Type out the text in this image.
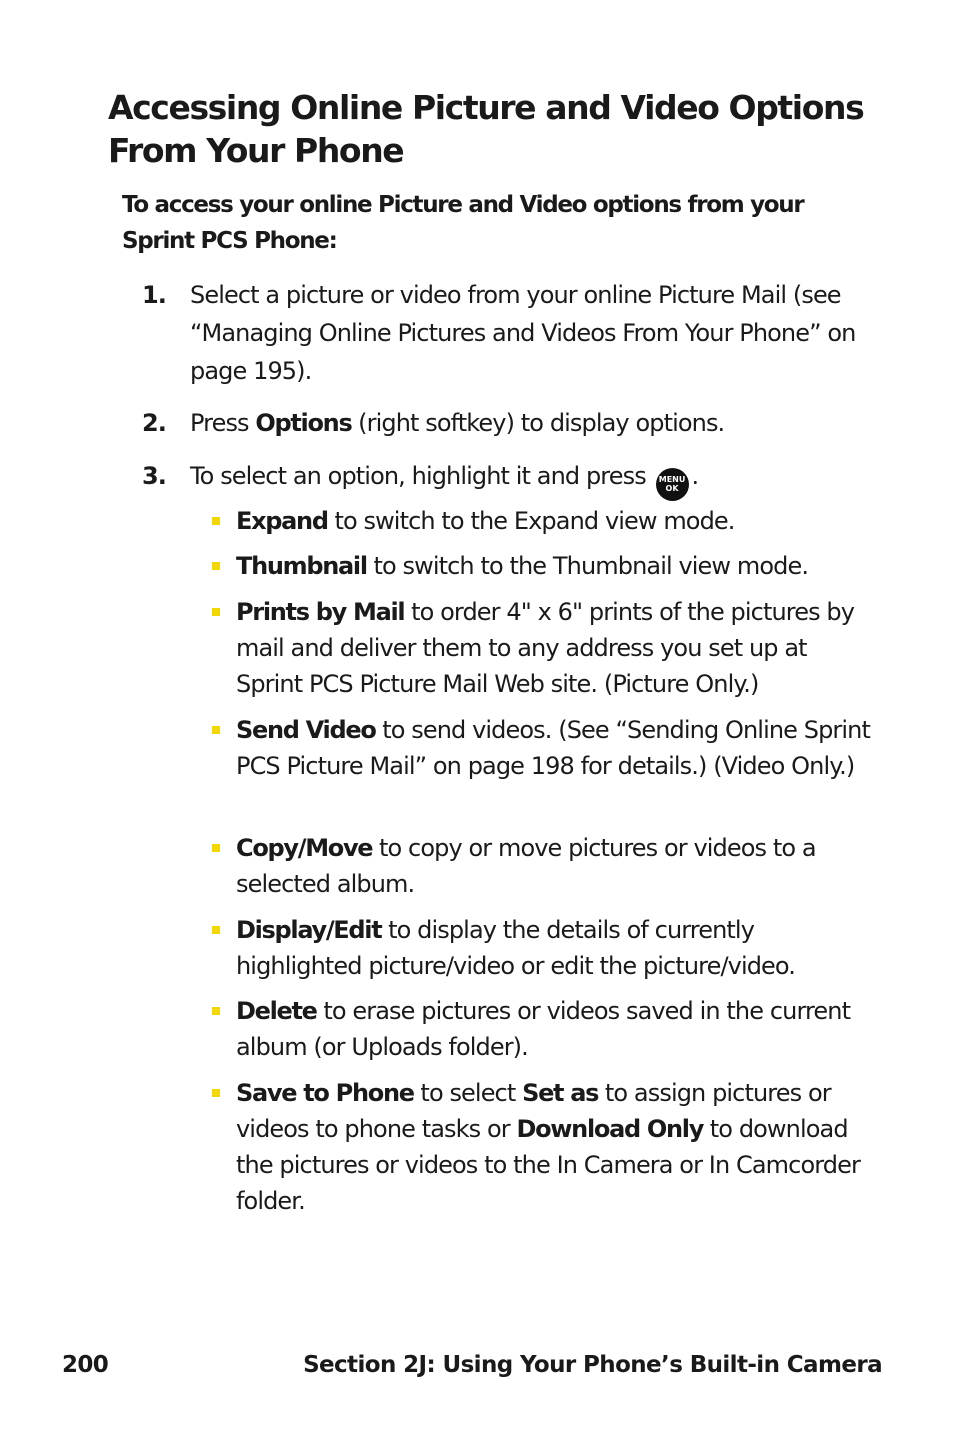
Accessing Online Picture and Video Options From Your Phone

To access your online Picture and Video options from your Sprint PCS Phone:

1. Select a picture or video from your online Picture Mail (see “Managing Online Pictures and Videos From Your Phone” on page 195).
2. Press Options (right softkey) to display options.
3. To select an option, highlight it and press MENU
OK .
Expand to switch to the Expand view mode.
Thumbnail to switch to the Thumbnail view mode.
Prints by Mail to order 4" x 6" prints of the pictures by mail and deliver them to any address you set up at Sprint PCS Picture Mail Web site. (Picture Only.)
Send Video to send videos. (See “Sending Online Sprint PCS Picture Mail” on page 198 for details.) (Video Only.)
Copy/Move to copy or move pictures or videos to a selected album.
Display/Edit to display the details of currently highlighted picture/video or edit the picture/video.
Delete to erase pictures or videos saved in the current album (or Uploads folder).
Save to Phone to select Set as to assign pictures or videos to phone tasks or Download Only to download the pictures or videos to the In Camera or In Camcorder folder.
200	Section 2J: Using Your Phone’s Built-in Camera
